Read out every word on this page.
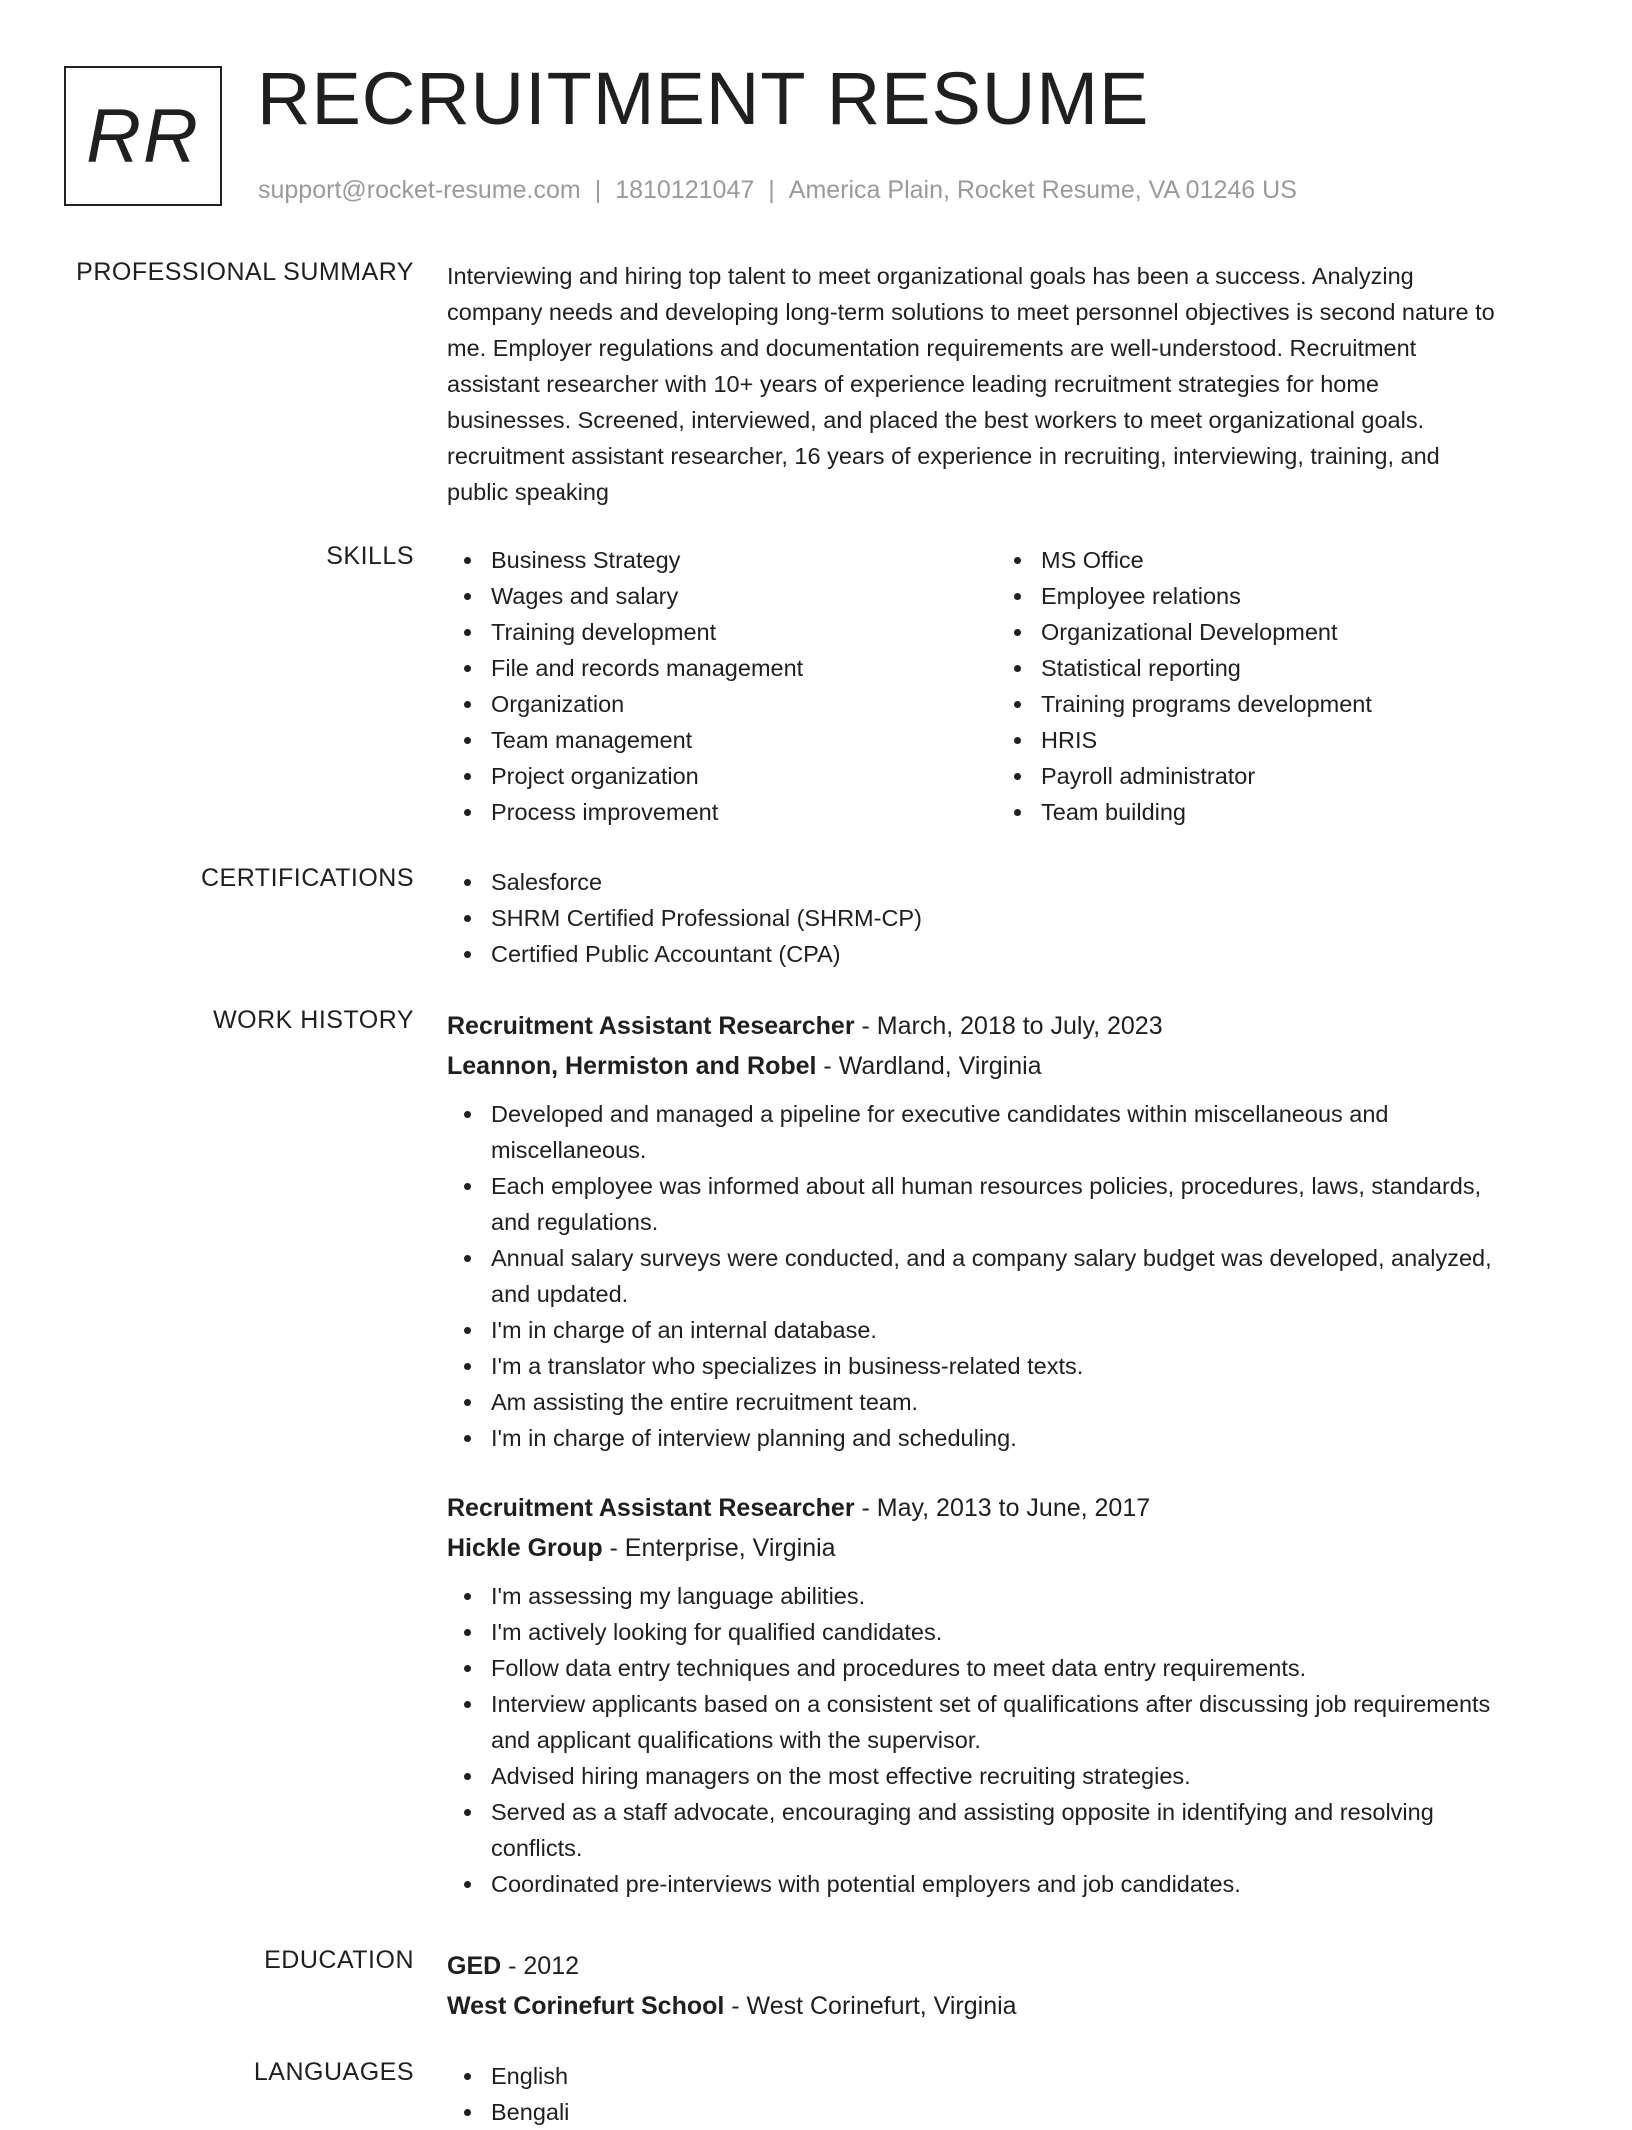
RR RECRUITMENT RESUME
support@rocket-resume.com | 1810121047 | America Plain, Rocket Resume, VA 01246 US
PROFESSIONAL SUMMARY Interviewing and hiring top talent to meet organizational goals has been a success. Analyzing
company needs and developing long-term solutions to meet personnel objectives is second nature to
me. Employer regulations and documentation requirements are well-understood. Recruitment
assistant researcher with 10+ years of experience leading recruitment strategies for home
businesses. Screened, interviewed, and placed the best workers to meet organizational goals.
recruitment assistant researcher, 16 years of experience in recruiting, interviewing, training, and
public speaking
SKILLS	Business Strategy
Wages and salary
Training development
File and records management
Organization
Team management
Project organization
Process improvement
MS Office
Employee relations
Organizational Development
Statistical reporting
Training programs development
HRIS
Payroll administrator
Team building
CERTIFICATIONS	Salesforce
SHRM Certified Professional (SHRM-CP)
Certified Public Accountant (CPA)
WORK HISTORY Recruitment Assistant Researcher - March, 2018 to July, 2023
Leannon, Hermiston and Robel - Wardland, Virginia
Developed and managed a pipeline for executive candidates within miscellaneous and
miscellaneous.
Each employee was informed about all human resources policies, procedures, laws, standards,
and regulations.
Annual salary surveys were conducted, and a company salary budget was developed, analyzed,
and updated.
I'm in charge of an internal database.
I'm a translator who specializes in business-related texts.
Am assisting the entire recruitment team.
I'm in charge of interview planning and scheduling.
Recruitment Assistant Researcher - May, 2013 to June, 2017
Hickle Group - Enterprise, Virginia
I'm assessing my language abilities.
I'm actively looking for qualified candidates.
Follow data entry techniques and procedures to meet data entry requirements.
Interview applicants based on a consistent set of qualifications after discussing job requirements
and applicant qualifications with the supervisor.
Advised hiring managers on the most effective recruiting strategies.
Served as a staff advocate, encouraging and assisting opposite in identifying and resolving
conflicts.
Coordinated pre-interviews with potential employers and job candidates.
EDUCATION GED - 2012
West Corinefurt School - West Corinefurt, Virginia
LANGUAGES	English
Bengali
